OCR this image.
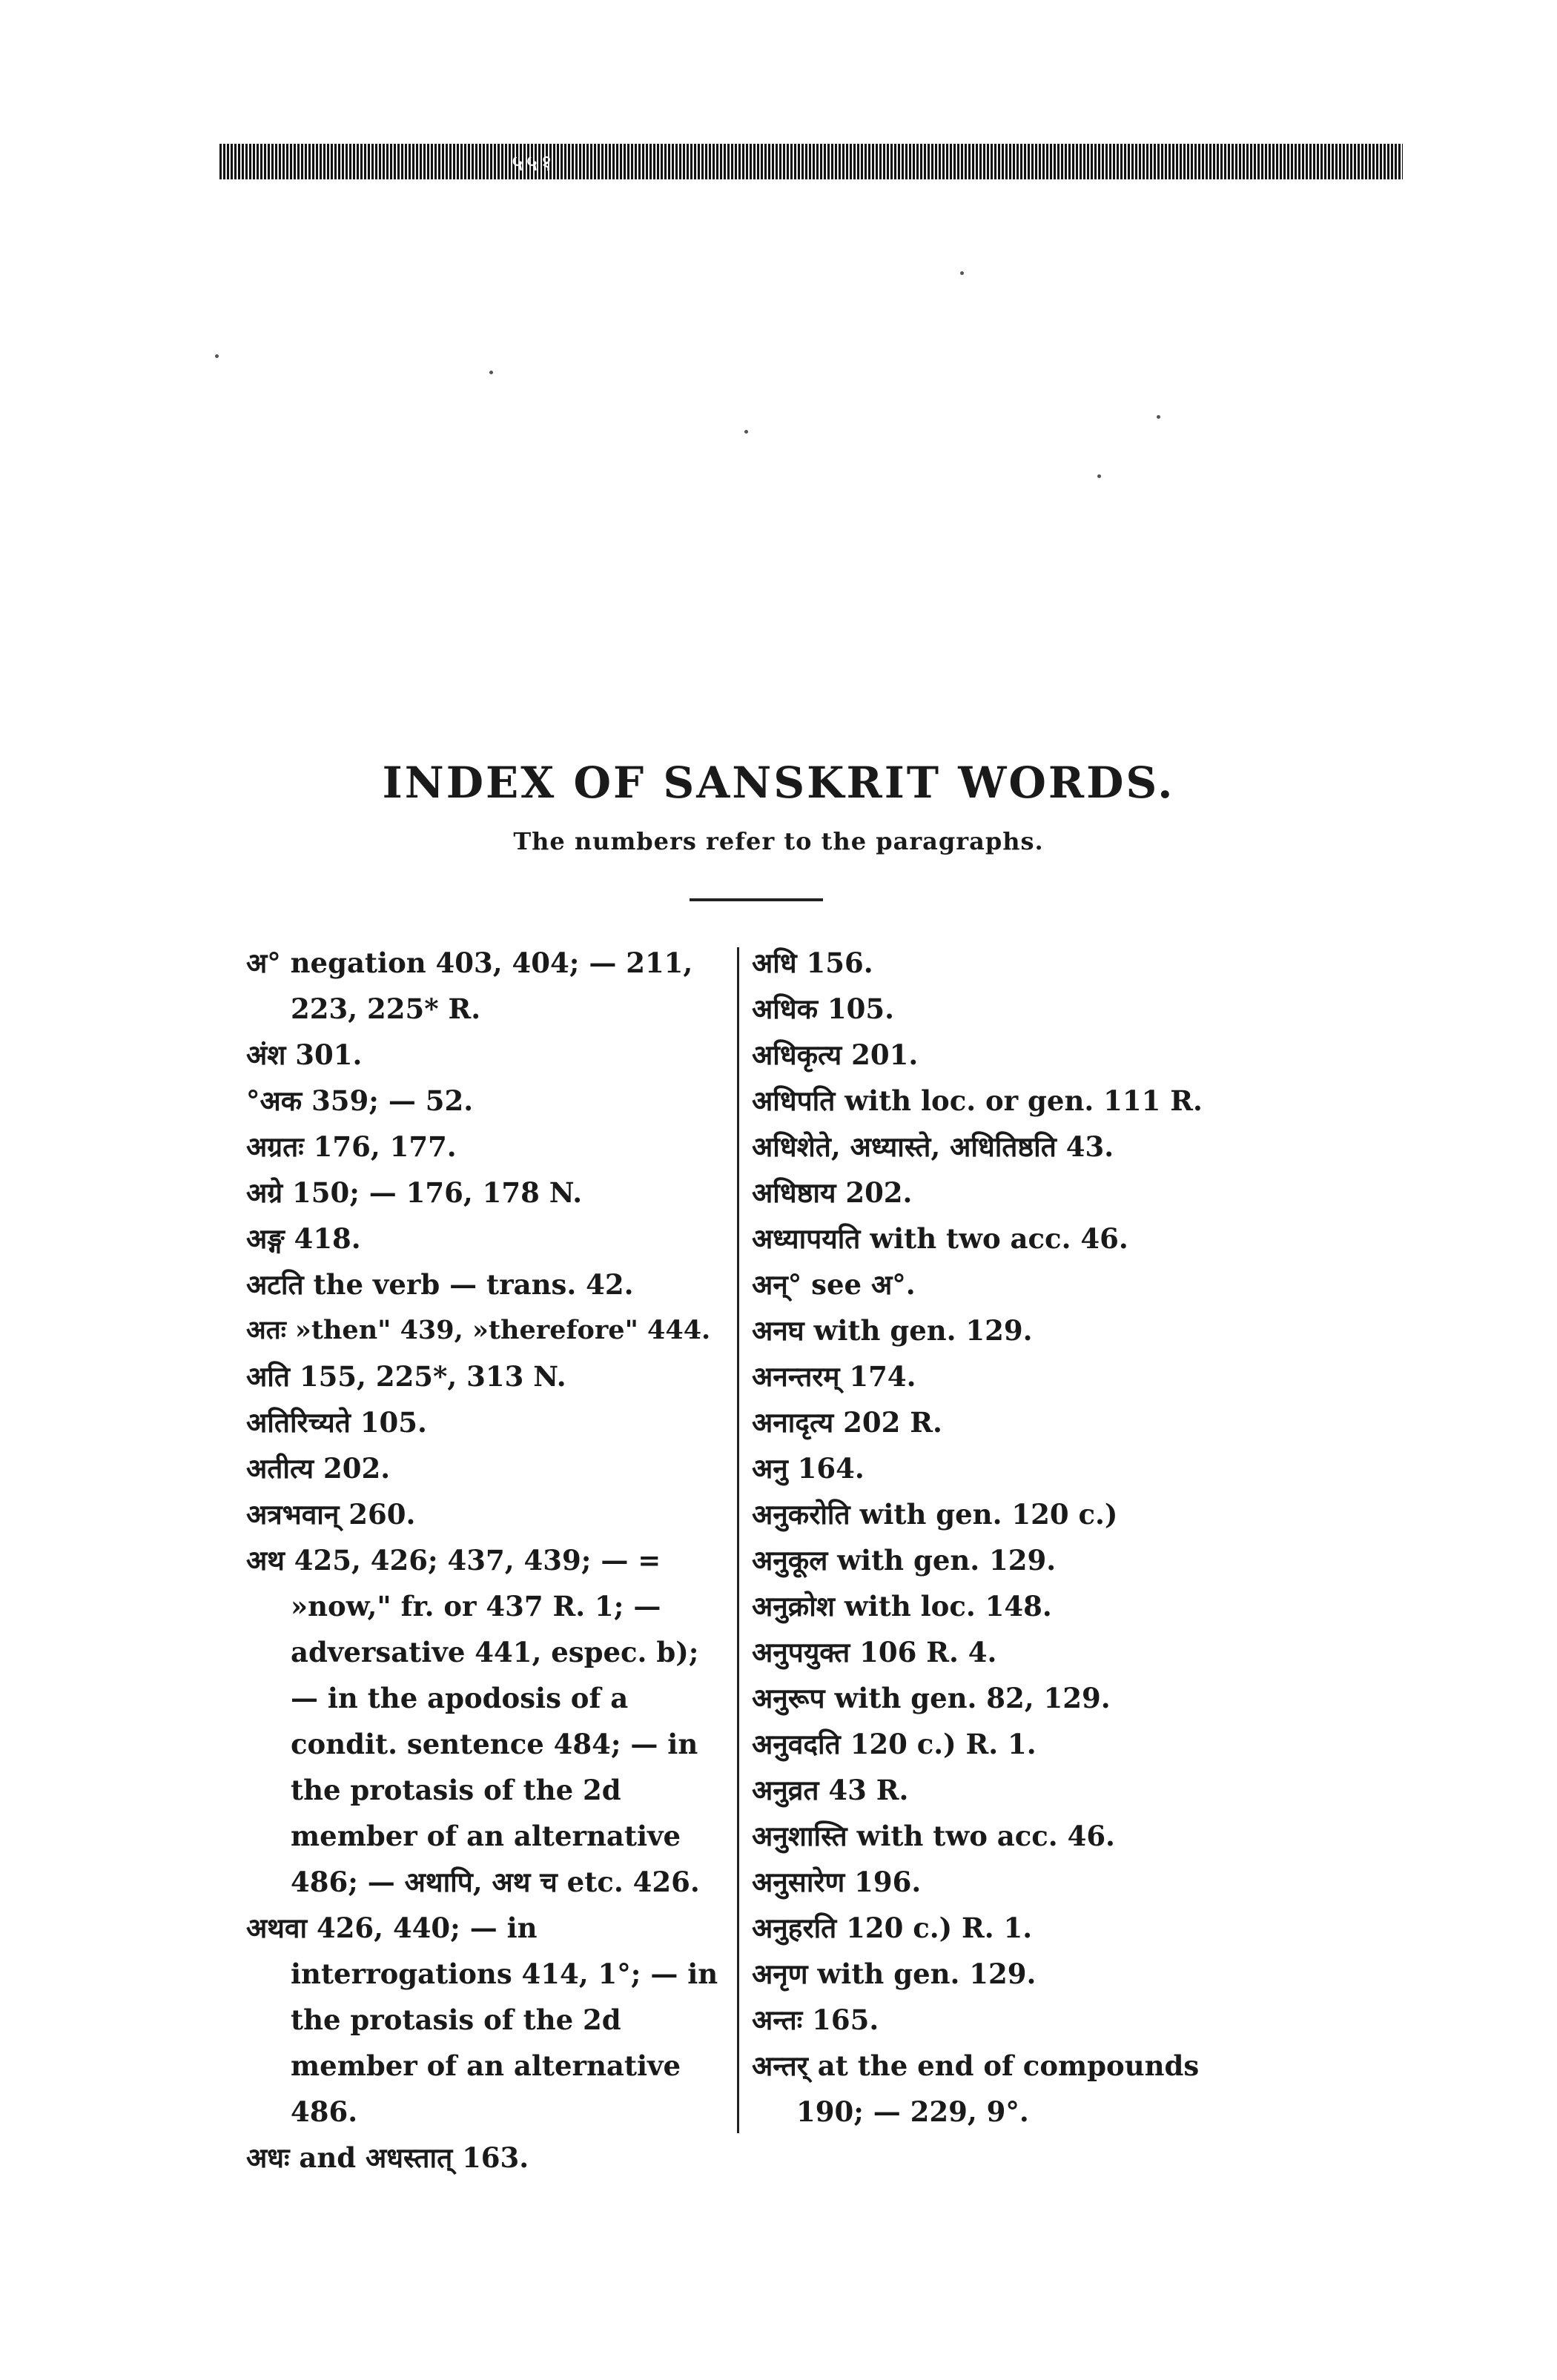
५५१
INDEX OF SANSKRIT WORDS.
The numbers refer to the paragraphs.
अ° negation 403, 404; — 211,
223, 225* R.
अंश 301.
°अक 359; — 52.
अग्रतः 176, 177.
अग्रे 150; — 176, 178 N.
अङ्ग 418.
अटति the verb — trans. 42.
अतः »then" 439, »therefore" 444.
अति 155, 225*, 313 N.
अतिरिच्यते 105.
अतीत्य 202.
अत्रभवान् 260.
अथ 425, 426; 437, 439; — = »now," fr. or 437 R. 1; — adversative 441, espec. b); — in the apodosis of a condit. sentence 484; — in the protasis of the 2d member of an alternative 486; — अथापि, अथ च etc. 426.
अथवा 426, 440; — in interrogations 414, 1°; — in the protasis of the 2d member of an alternative 486.
अधः and अधस्तात् 163.
अधि 156.
अधिक 105.
अधिकृत्य 201.
अधिपति with loc. or gen. 111 R.
अधिशेते, अध्यास्ते, अधितिष्ठति 43.
अधिष्ठाय 202.
अध्यापयति with two acc. 46.
अन्° see अ°.
अनघ with gen. 129.
अनन्तरम् 174.
अनादृत्य 202 R.
अनु 164.
अनुकरोति with gen. 120 c.)
अनुकूल with gen. 129.
अनुक्रोश with loc. 148.
अनुपयुक्त 106 R. 4.
अनुरूप with gen. 82, 129.
अनुवदति 120 c.) R. 1.
अनुव्रत 43 R.
अनुशास्ति with two acc. 46.
अनुसारेण 196.
अनुहरति 120 c.) R. 1.
अनृण with gen. 129.
अन्तः 165.
अन्तर् at the end of compounds 190; — 229, 9°.
